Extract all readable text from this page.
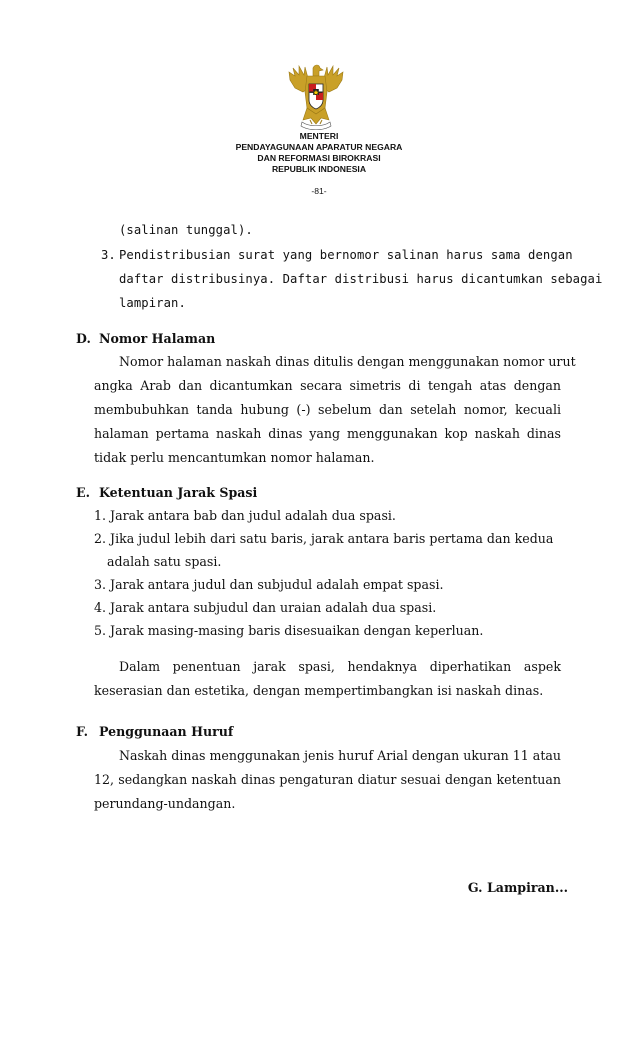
MENTERI
PENDAYAGUNAAN APARATUR NEGARA
DAN REFORMASI BIROKRASI
REPUBLIK INDONESIA
-81-
(salinan tunggal).
3. Pendistribusian surat yang bernomor salinan harus sama dengan
daftar distribusinya. Daftar distribusi harus dicantumkan sebagai
lampiran.
D. Nomor Halaman
Nomor halaman naskah dinas ditulis dengan menggunakan nomor urut
angka Arab dan dicantumkan secara simetris di tengah atas dengan
membubuhkan tanda hubung (-) sebelum dan setelah nomor, kecuali
halaman pertama naskah dinas yang menggunakan kop naskah dinas
tidak perlu mencantumkan nomor halaman.
E. Ketentuan Jarak Spasi
1. Jarak antara bab dan judul adalah dua spasi.
2. Jika judul lebih dari satu baris, jarak antara baris pertama dan kedua
adalah satu spasi.
3. Jarak antara judul dan subjudul adalah empat spasi.
4. Jarak antara subjudul dan uraian adalah dua spasi.
5. Jarak masing-masing baris disesuaikan dengan keperluan.
Dalam penentuan jarak spasi, hendaknya diperhatikan aspek
keserasian dan estetika, dengan mempertimbangkan isi naskah dinas.
F. Penggunaan Huruf
Naskah dinas menggunakan jenis huruf Arial dengan ukuran 11 atau
12, sedangkan naskah dinas pengaturan diatur sesuai dengan ketentuan
perundang-undangan.
G. Lampiran...
